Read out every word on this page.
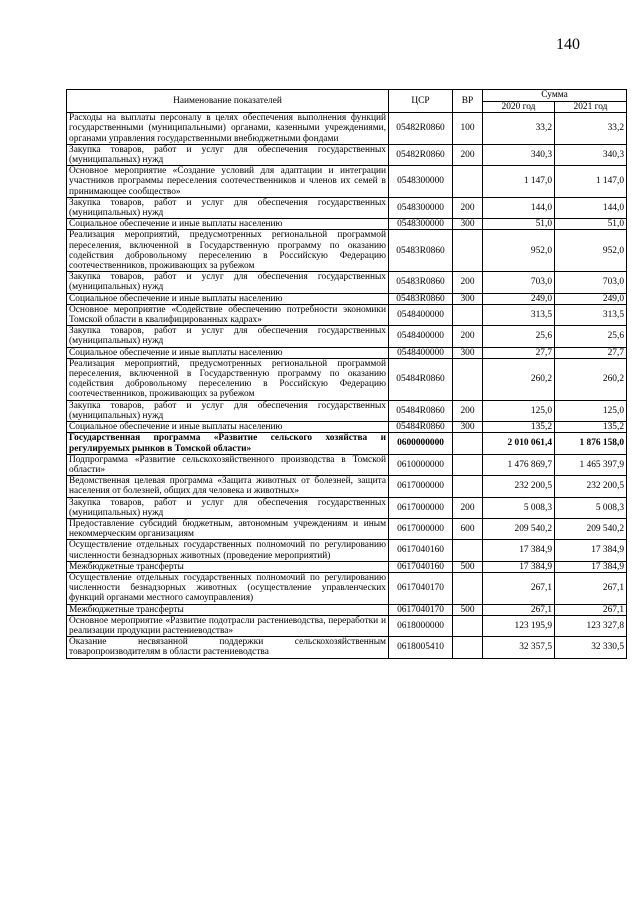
140
Наименование показателей	ЦСР	ВР	Сумма	
			2020 год	2021 год
Расходы на выплаты персоналу в целях обеспечения выполнения функций государственными (муниципальными) органами, казенными учреждениями, органами управления государственными внебюджетными фондами	05482R0860	100	33,2	33,2
Закупка товаров, работ и услуг для обеспечения государственных (муниципальных) нужд	05482R0860	200	340,3	340,3
Основное мероприятие «Создание условий для адаптации и интеграции участников программы переселения соотечественников и членов их семей в принимающее сообщество»	0548300000		1 147,0	1 147,0
Закупка товаров, работ и услуг для обеспечения государственных (муниципальных) нужд	0548300000	200	144,0	144,0
Социальное обеспечение и иные выплаты населению	0548300000	300	51,0	51,0
Реализация мероприятий, предусмотренных региональной программой переселения, включенной в Государственную программу по оказанию содействия добровольному переселению в Российскую Федерацию соотечественников, проживающих за рубежом	05483R0860		952,0	952,0
Закупка товаров, работ и услуг для обеспечения государственных (муниципальных) нужд	05483R0860	200	703,0	703,0
Социальное обеспечение и иные выплаты населению	05483R0860	300	249,0	249,0
Основное мероприятие «Содействие обеспечению потребности экономики Томской области в квалифицированных кадрах»	0548400000		313,5	313,5
Закупка товаров, работ и услуг для обеспечения государственных (муниципальных) нужд	0548400000	200	25,6	25,6
Социальное обеспечение и иные выплаты населению	0548400000	300	27,7	27,7
Реализация мероприятий, предусмотренных региональной программой переселения, включенной в Государственную программу по оказанию содействия добровольному переселению в Российскую Федерацию соотечественников, проживающих за рубежом	05484R0860		260,2	260,2
Закупка товаров, работ и услуг для обеспечения государственных (муниципальных) нужд	05484R0860	200	125,0	125,0
Социальное обеспечение и иные выплаты населению	05484R0860	300	135,2	135,2
Государственная программа «Развитие сельского хозяйства и регулируемых рынков в Томской области»	0600000000		2 010 061,4	1 876 158,0
Подпрограмма «Развитие сельскохозяйственного производства в Томской области»	0610000000		1 476 869,7	1 465 397,9
Ведомственная целевая программа «Защита животных от болезней, защита населения от болезней, общих для человека и животных»	0617000000		232 200,5	232 200,5
Закупка товаров, работ и услуг для обеспечения государственных (муниципальных) нужд	0617000000	200	5 008,3	5 008,3
Предоставление субсидий бюджетным, автономным учреждениям и иным некоммерческим организациям	0617000000	600	209 540,2	209 540,2
Осуществление отдельных государственных полномочий по регулированию численности безнадзорных животных (проведение мероприятий)	0617040160		17 384,9	17 384,9
Межбюджетные трансферты	0617040160	500	17 384,9	17 384,9
Осуществление отдельных государственных полномочий по регулированию численности безнадзорных животных (осуществление управленческих функций органами местного самоуправления)	0617040170		267,1	267,1
Межбюджетные трансферты	0617040170	500	267,1	267,1
Основное мероприятие «Развитие подотрасли растениеводства, переработки и реализации продукции растениеводства»	0618000000		123 195,9	123 327,8
Оказание несвязанной поддержки сельскохозяйственным товаропроизводителям в области растениеводства	0618005410		32 357,5	32 330,5
